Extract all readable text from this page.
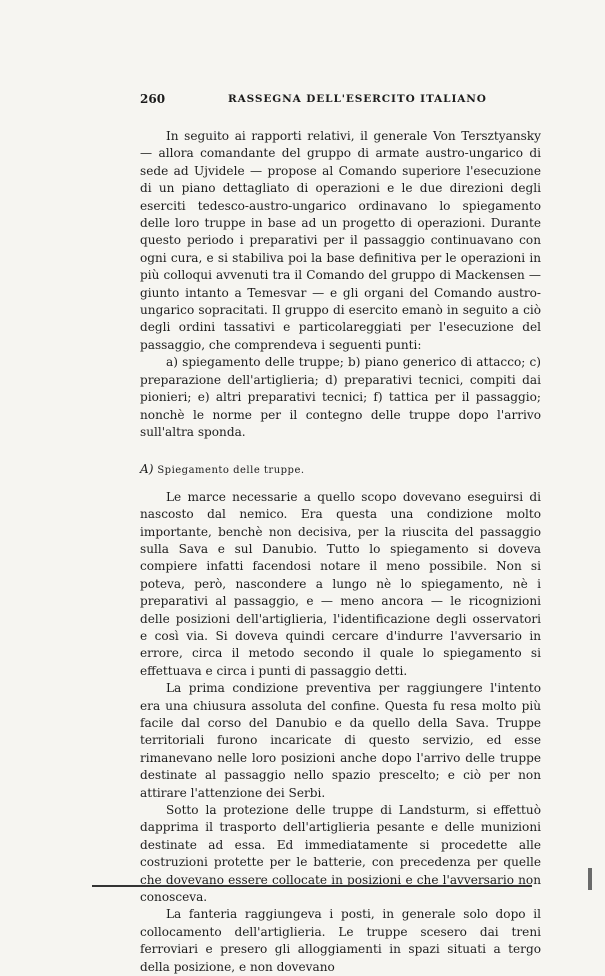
260	RASSEGNA DELL'ESERCITO ITALIANO

In seguito ai rapporti relativi, il generale Von Tersztyansky — allora comandante del gruppo di armate austro-ungarico di sede ad Ujvidele — propose al Comando superiore l'esecuzione di un piano dettagliato di operazioni e le due direzioni degli eserciti tedesco-austro-ungarico ordinavano lo spiegamento delle loro truppe in base ad un progetto di operazioni. Durante questo periodo i preparativi per il passaggio continuavano con ogni cura, e si stabiliva poi la base definitiva per le operazioni in più colloqui avvenuti tra il Comando del gruppo di Mackensen — giunto intanto a Temesvar — e gli organi del Comando austro-ungarico sopracitati. Il gruppo di esercito emanò in seguito a ciò degli ordini tassativi e particolareggiati per l'esecuzione del passaggio, che comprendeva i seguenti punti:

a) spiegamento delle truppe; b) piano generico di attacco; c) preparazione dell'artiglieria; d) preparativi tecnici, compiti dai pionieri; e) altri preparativi tecnici; f) tattica per il passaggio; nonchè le norme per il contegno delle truppe dopo l'arrivo sull'altra sponda.

A) Spiegamento delle truppe.

Le marce necessarie a quello scopo dovevano eseguirsi di nascosto dal nemico. Era questa una condizione molto importante, benchè non decisiva, per la riuscita del passaggio sulla Sava e sul Danubio. Tutto lo spiegamento si doveva compiere infatti facendosi notare il meno possibile. Non si poteva, però, nascondere a lungo nè lo spiegamento, nè i preparativi al passaggio, e — meno ancora — le ricognizioni delle posizioni dell'artiglieria, l'identificazione degli osservatori e così via. Si doveva quindi cercare d'indurre l'avversario in errore, circa il metodo secondo il quale lo spiegamento si effettuava e circa i punti di passaggio detti.

La prima condizione preventiva per raggiungere l'intento era una chiusura assoluta del confine. Questa fu resa molto più facile dal corso del Danubio e da quello della Sava. Truppe territoriali furono incaricate di questo servizio, ed esse rimanevano nelle loro posizioni anche dopo l'arrivo delle truppe destinate al passaggio nello spazio prescelto; e ciò per non attirare l'attenzione dei Serbi.

Sotto la protezione delle truppe di Landsturm, si effettuò dapprima il trasporto dell'artiglieria pesante e delle munizioni destinate ad essa. Ed immediatamente si procedette alle costruzioni protette per le batterie, con precedenza per quelle che dovevano essere collocate in posizioni e che l'avversario non conosceva.

La fanteria raggiungeva i posti, in generale solo dopo il collocamento dell'artiglieria. Le truppe scesero dai treni ferroviari e presero gli alloggiamenti in spazi situati a tergo della posizione, e non dovevano
